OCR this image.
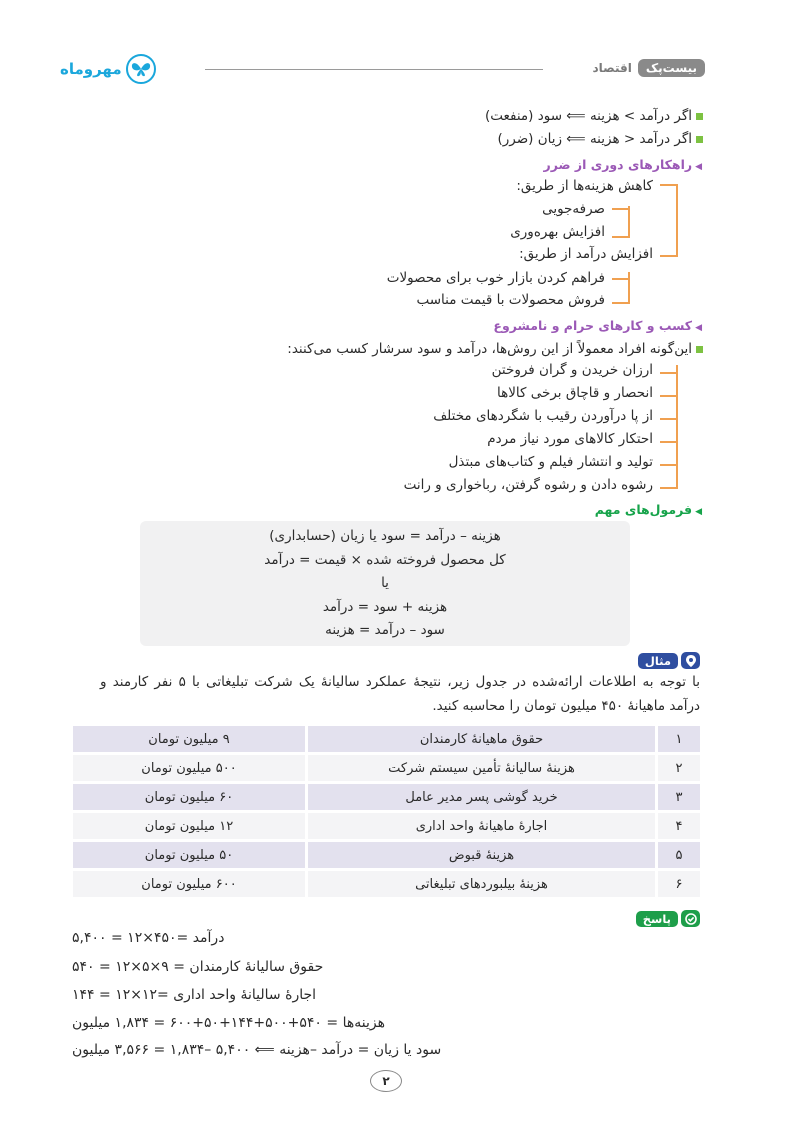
مهروماه	بیست‌پک
اقتصاد
اگر درآمد > هزینه ⟸ سود (منفعت)
اگر درآمد < هزینه ⟸ زیان (ضرر)
◀راهکارهای دوری از ضرر
کاهش هزینه‌ها از طریق:
صرفه‌جویی
افزایش بهره‌وری
افزایش درآمد از طریق:
فراهم کردن بازار خوب برای محصولات
فروش محصولات با قیمت مناسب
◀کسب و کارهای حرام و نامشروع
این‌گونه افراد معمولاً از این روش‌ها، درآمد و سود سرشار کسب می‌کنند:
ارزان خریدن و گران فروختن
انحصار و قاچاق برخی کالاها
از پا درآوردن رقیب با شگردهای مختلف
احتکار کالاهای مورد نیاز مردم
تولید و انتشار فیلم و کتاب‌های مبتذل
رشوه دادن و رشوه گرفتن، رباخواری و رانت
◀فرمول‌های مهم
هزینه – درآمد = سود یا زیان (حسابداری)
کل محصول فروخته شده × قیمت = درآمد
یا
هزینه + سود = درآمد
سود – درآمد = هزینه
مثال
با توجه به اطلاعات ارائه‌شده در جدول زیر، نتیجهٔ عملکرد سالیانهٔ یک شرکت تبلیغاتی با ۵ نفر کارمند و درآمد ماهیانهٔ ۴۵۰ میلیون تومان را محاسبه کنید.
۱	حقوق ماهیانهٔ کارمندان	۹ میلیون تومان
۲	هزینهٔ سالیانهٔ تأمین سیستم شرکت	۵۰۰ میلیون تومان
۳	خرید گوشی پسر مدیر عامل	۶۰ میلیون تومان
۴	اجارهٔ ماهیانهٔ واحد اداری	۱۲ میلیون تومان
۵	هزینهٔ قبوض	۵۰ میلیون تومان
۶	هزینهٔ بیلبوردهای تبلیغاتی	۶۰۰ میلیون تومان
پاسخ
درآمد =۴۵۰×۱۲ = ۵,۴۰۰
حقوق سالیانهٔ کارمندان = ۹×۵×۱۲ = ۵۴۰
اجارهٔ سالیانهٔ واحد اداری =۱۲×۱۲ = ۱۴۴
هزینه‌ها = ۵۴۰+۵۰۰+۱۴۴+۵۰+۶۰۰ = ۱,۸۳۴ میلیون
سود یا زیان = درآمد –هزینه ⟸ ۵,۴۰۰ –۱,۸۳۴ = ۳,۵۶۶ میلیون
۲
